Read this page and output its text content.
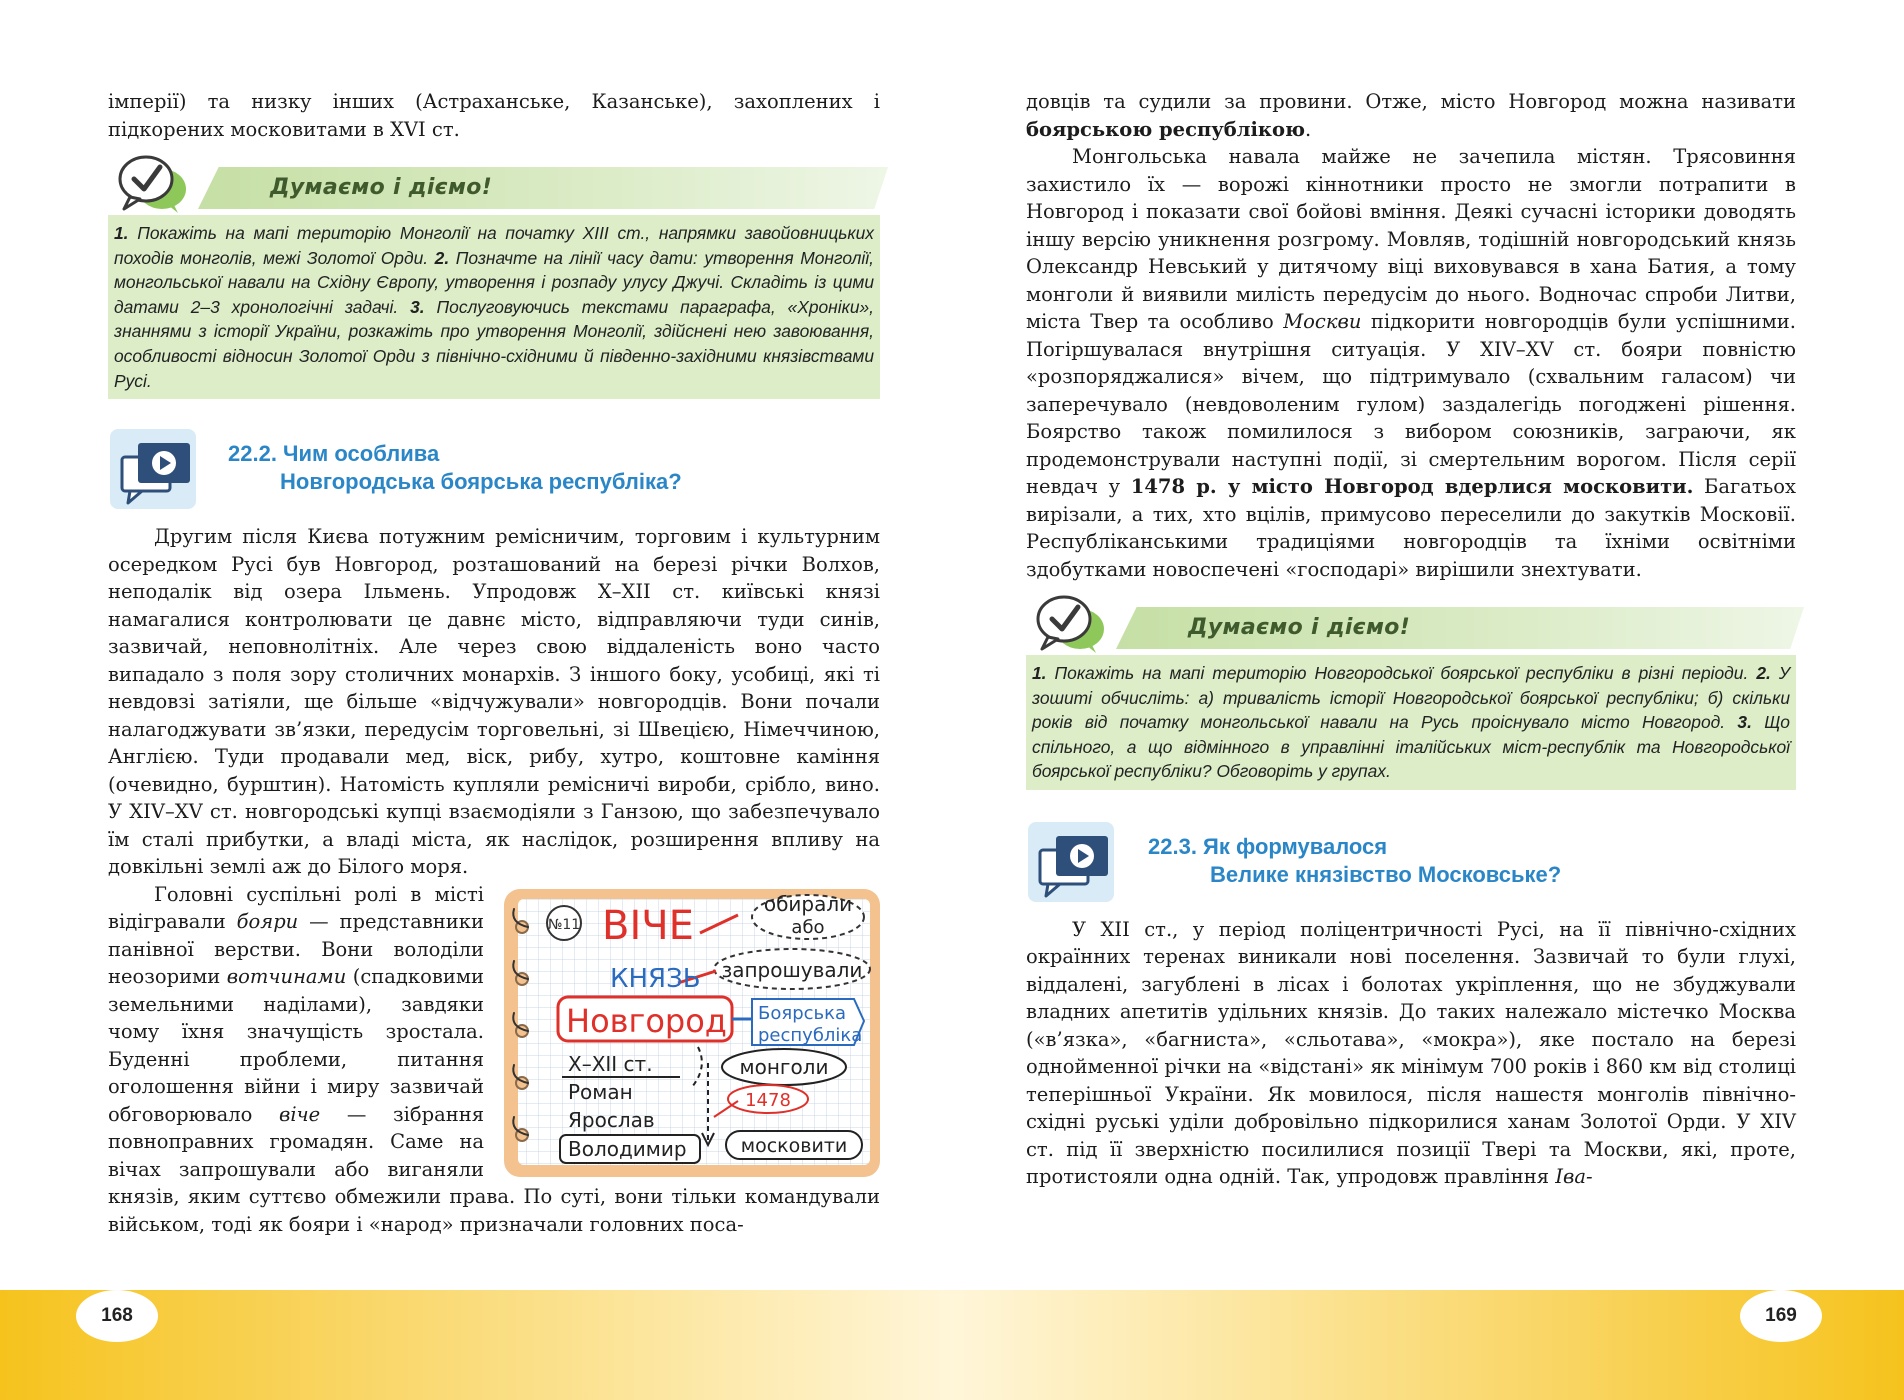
імперії) та низку інших (Астраханське, Казанське), захоплених і підкорених московитами в XVI ст.

Думаємо і діємо!
1. Покажіть на мапі територію Монголії на початку XIII ст., напрямки завойовницьких походів монголів, межі Золотої Орди. 2. Позначте на лінії часу дати: утворення Монголії, монгольської навали на Східну Європу, утворення і розпаду улусу Джучі. Складіть із цими датами 2–3 хронологічні задачі. 3. Послуговуючись текстами параграфа, «Хроніки», знаннями з історії України, розкажіть про утворення Монголії, здійснені нею завоювання, особливості відносин Золотої Орди з північно-східними й південно-західними князівствами Русі.
22.2. Чим особлива
Новгородська боярська республіка?

Другим після Києва потужним ремісничим, торговим і культурним осередком Русі був Новгород, розташований на березі річки Волхов, неподалік від озера Ільмень. Упродовж X–XII ст. київські князі намагалися контролювати це давнє місто, відправляючи туди синів, зазвичай, неповнолітніх. Але через свою віддаленість воно часто випадало з поля зору столичних монархів. З іншого боку, усобиці, які ті невдовзі затіяли, ще більше «відчужували» новгородців. Вони почали налагоджувати зв’язки, передусім торговельні, зі Швецією, Німеччиною, Англією. Туди продавали мед, віск, рибу, хутро, коштовне каміння (очевидно, бурштин). Натомість купляли ремісничі вироби, срібло, вино. У XIV–XV ст. новгородські купці взаємодіяли з Ганзою, що забезпечувало їм сталі прибутки, а владі міста, як наслідок, розширення впливу на довкільні землі аж до Білого моря.

№11 ВІЧЕ	обирали
або
запрошували
КНЯЗЬ
Новгород Боярська
республіка
X–XII ст.
Роман
Ярослав
Володимир
монголи
1478
московити

Головні суспільні ролі в місті відігравали бояри — представники панівної верстви. Вони володіли неозорими вотчинами (спадковими земельними наділами), завдяки чому їхня значущість зростала. Буденні проблеми, питання оголошення війни і миру зазвичай обговорювало віче — зібрання повноправних громадян. Саме на вічах запрошували або виганяли князів, яким суттєво обмежили права. По суті, вони тільки командували військом, тоді як бояри і «народ» призначали головних поса-

довців та судили за провини. Отже, місто Новгород можна називати боярською республікою.

Монгольська навала майже не зачепила містян. Трясовиння захистило їх — ворожі кіннотники просто не змогли потрапити в Новгород і показати свої бойові вміння. Деякі сучасні історики доводять іншу версію уникнення розгрому. Мовляв, тодішній новгородський князь Олександр Невський у дитячому віці виховувався в хана Батия, а тому монголи й виявили милість передусім до нього. Водночас спроби Литви, міста Твер та особливо Москви підкорити новгородців були успішними. Погіршувалася внутрішня ситуація. У XIV–XV ст. бояри повністю «розпоряджалися» вічем, що підтримувало (схвальним галасом) чи заперечувало (невдоволеним гулом) заздалегідь погоджені рішення. Боярство також помилилося з вибором союзників, заграючи, як продемонстрували наступні події, зі смертельним ворогом. Після серії невдач у 1478 р. у місто Новгород вдерлися московити. Багатьох вирізали, а тих, хто вцілів, примусово переселили до закутків Московії. Республіканськими традиціями новгородців та їхніми освітніми здобутками новоспечені «господарі» вирішили знехтувати.

Думаємо і діємо!
1. Покажіть на мапі територію Новгородської боярської республіки в різні періоди. 2. У зошиті обчисліть: а) тривалість історії Новгородської боярської республіки; б) скільки років від початку монгольської навали на Русь проіснувало місто Новгород. 3. Що спільного, а що відмінного в управлінні італійських міст-республік та Новгородської боярської республіки? Обговоріть у групах.
22.3. Як формувалося
Велике князівство Московське?

У XII ст., у період поліцентричності Русі, на її північно-східних окраїнних теренах виникали нові поселення. Зазвичай то були глухі, віддалені, загублені в лісах і болотах укріплення, що не збуджували владних апетитів удільних князів. До таких належало містечко Москва («в’язка», «багниста», «сльотава», «мокра»), яке постало на березі однойменної річки на «відстані» як мінімум 700 років і 860 км від столиці теперішньої України. Як мовилося, після нашестя монголів північно-східні руські уділи добровільно підкорилися ханам Золотої Орди. У XIV ст. під її зверхністю посилилися позиції Твері та Москви, які, проте, протистояли одна одній. Так, упродовж правління Іва-

168	169
